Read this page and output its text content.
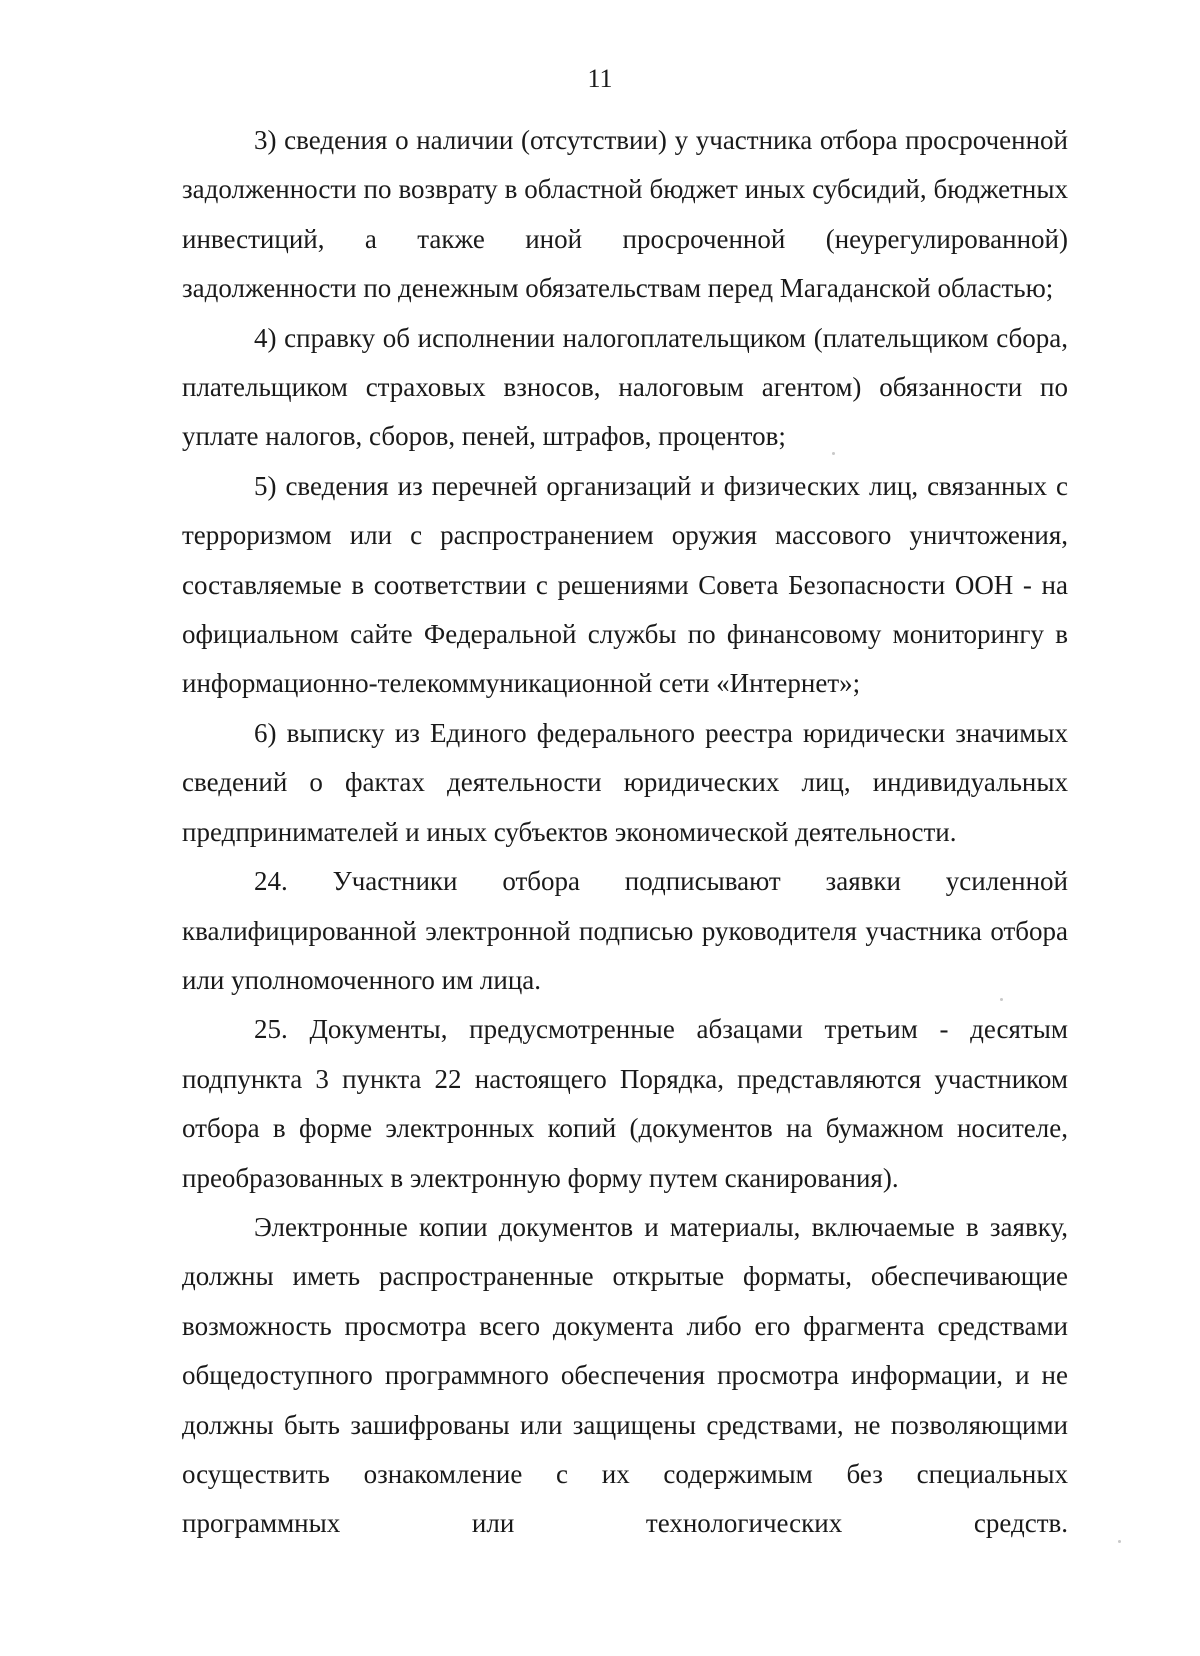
11

3) сведения о наличии (отсутствии) у участника отбора просроченной задолженности по возврату в областной бюджет иных субсидий, бюджетных инвестиций, а также иной просроченной (неурегулированной) задолженности по денежным обязательствам перед Магаданской областью;

4) справку об исполнении налогоплательщиком (плательщиком сбора, плательщиком страховых взносов, налоговым агентом) обязанности по уплате налогов, сборов, пеней, штрафов, процентов;

5) сведения из перечней организаций и физических лиц, связанных с терроризмом или с распространением оружия массового уничтожения, составляемые в соответствии с решениями Совета Безопасности ООН - на официальном сайте Федеральной службы по финансовому мониторингу в информационно-телекоммуникационной сети «Интернет»;

6) выписку из Единого федерального реестра юридически значимых сведений о фактах деятельности юридических лиц, индивидуальных предпринимателей и иных субъектов экономической деятельности.

24. Участники отбора подписывают заявки усиленной квалифицированной электронной подписью руководителя участника отбора или уполномоченного им лица.

25. Документы, предусмотренные абзацами третьим - десятым подпункта 3 пункта 22 настоящего Порядка, представляются участником отбора в форме электронных копий (документов на бумажном носителе, преобразованных в электронную форму путем сканирования).

Электронные копии документов и материалы, включаемые в заявку, должны иметь распространенные открытые форматы, обеспечивающие возможность просмотра всего документа либо его фрагмента средствами общедоступного программного обеспечения просмотра информации, и не должны быть зашифрованы или защищены средствами, не позволяющими осуществить ознакомление с их содержимым без специальных программных или технологических средств.
